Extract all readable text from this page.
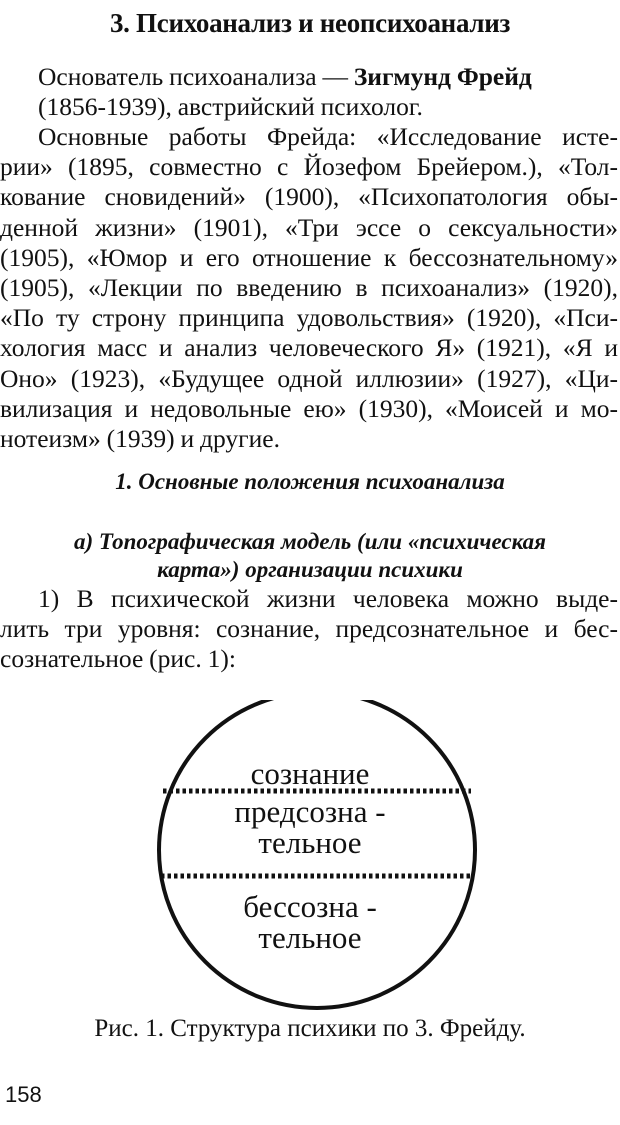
3. Психоанализ и неопсихоанализ

Основатель психоанализа — Зигмунд Фрейд
(1856-1939), австрийский психолог.

Основные работы Фрейда: «Исследование исте-
рии» (1895, совместно с Йозефом Брейером.), «Тол-
кование сновидений» (1900), «Психопатология обы-
денной жизни» (1901), «Три эссе о сексуальности»
(1905), «Юмор и его отношение к бессознательному»
(1905), «Лекции по введению в психоанализ» (1920),
«По ту строну принципа удовольствия» (1920), «Пси-
хология масс и анализ человеческого Я» (1921), «Я и
Оно» (1923), «Будущее одной иллюзии» (1927), «Ци-
вилизация и недовольные ею» (1930), «Моисей и мо-
нотеизм» (1939) и другие.

1. Основные положения психоанализа
а) Топографическая модель (или «психическая
карта») организации психики

1) В психической жизни человека можно выде-
лить три уровня: сознание, предсознательное и бес-
сознательное (рис. 1):

сознание
предсозна -
тельное
бессозна -
тельное

Рис. 1. Структура психики по 3. Фрейду.

158
